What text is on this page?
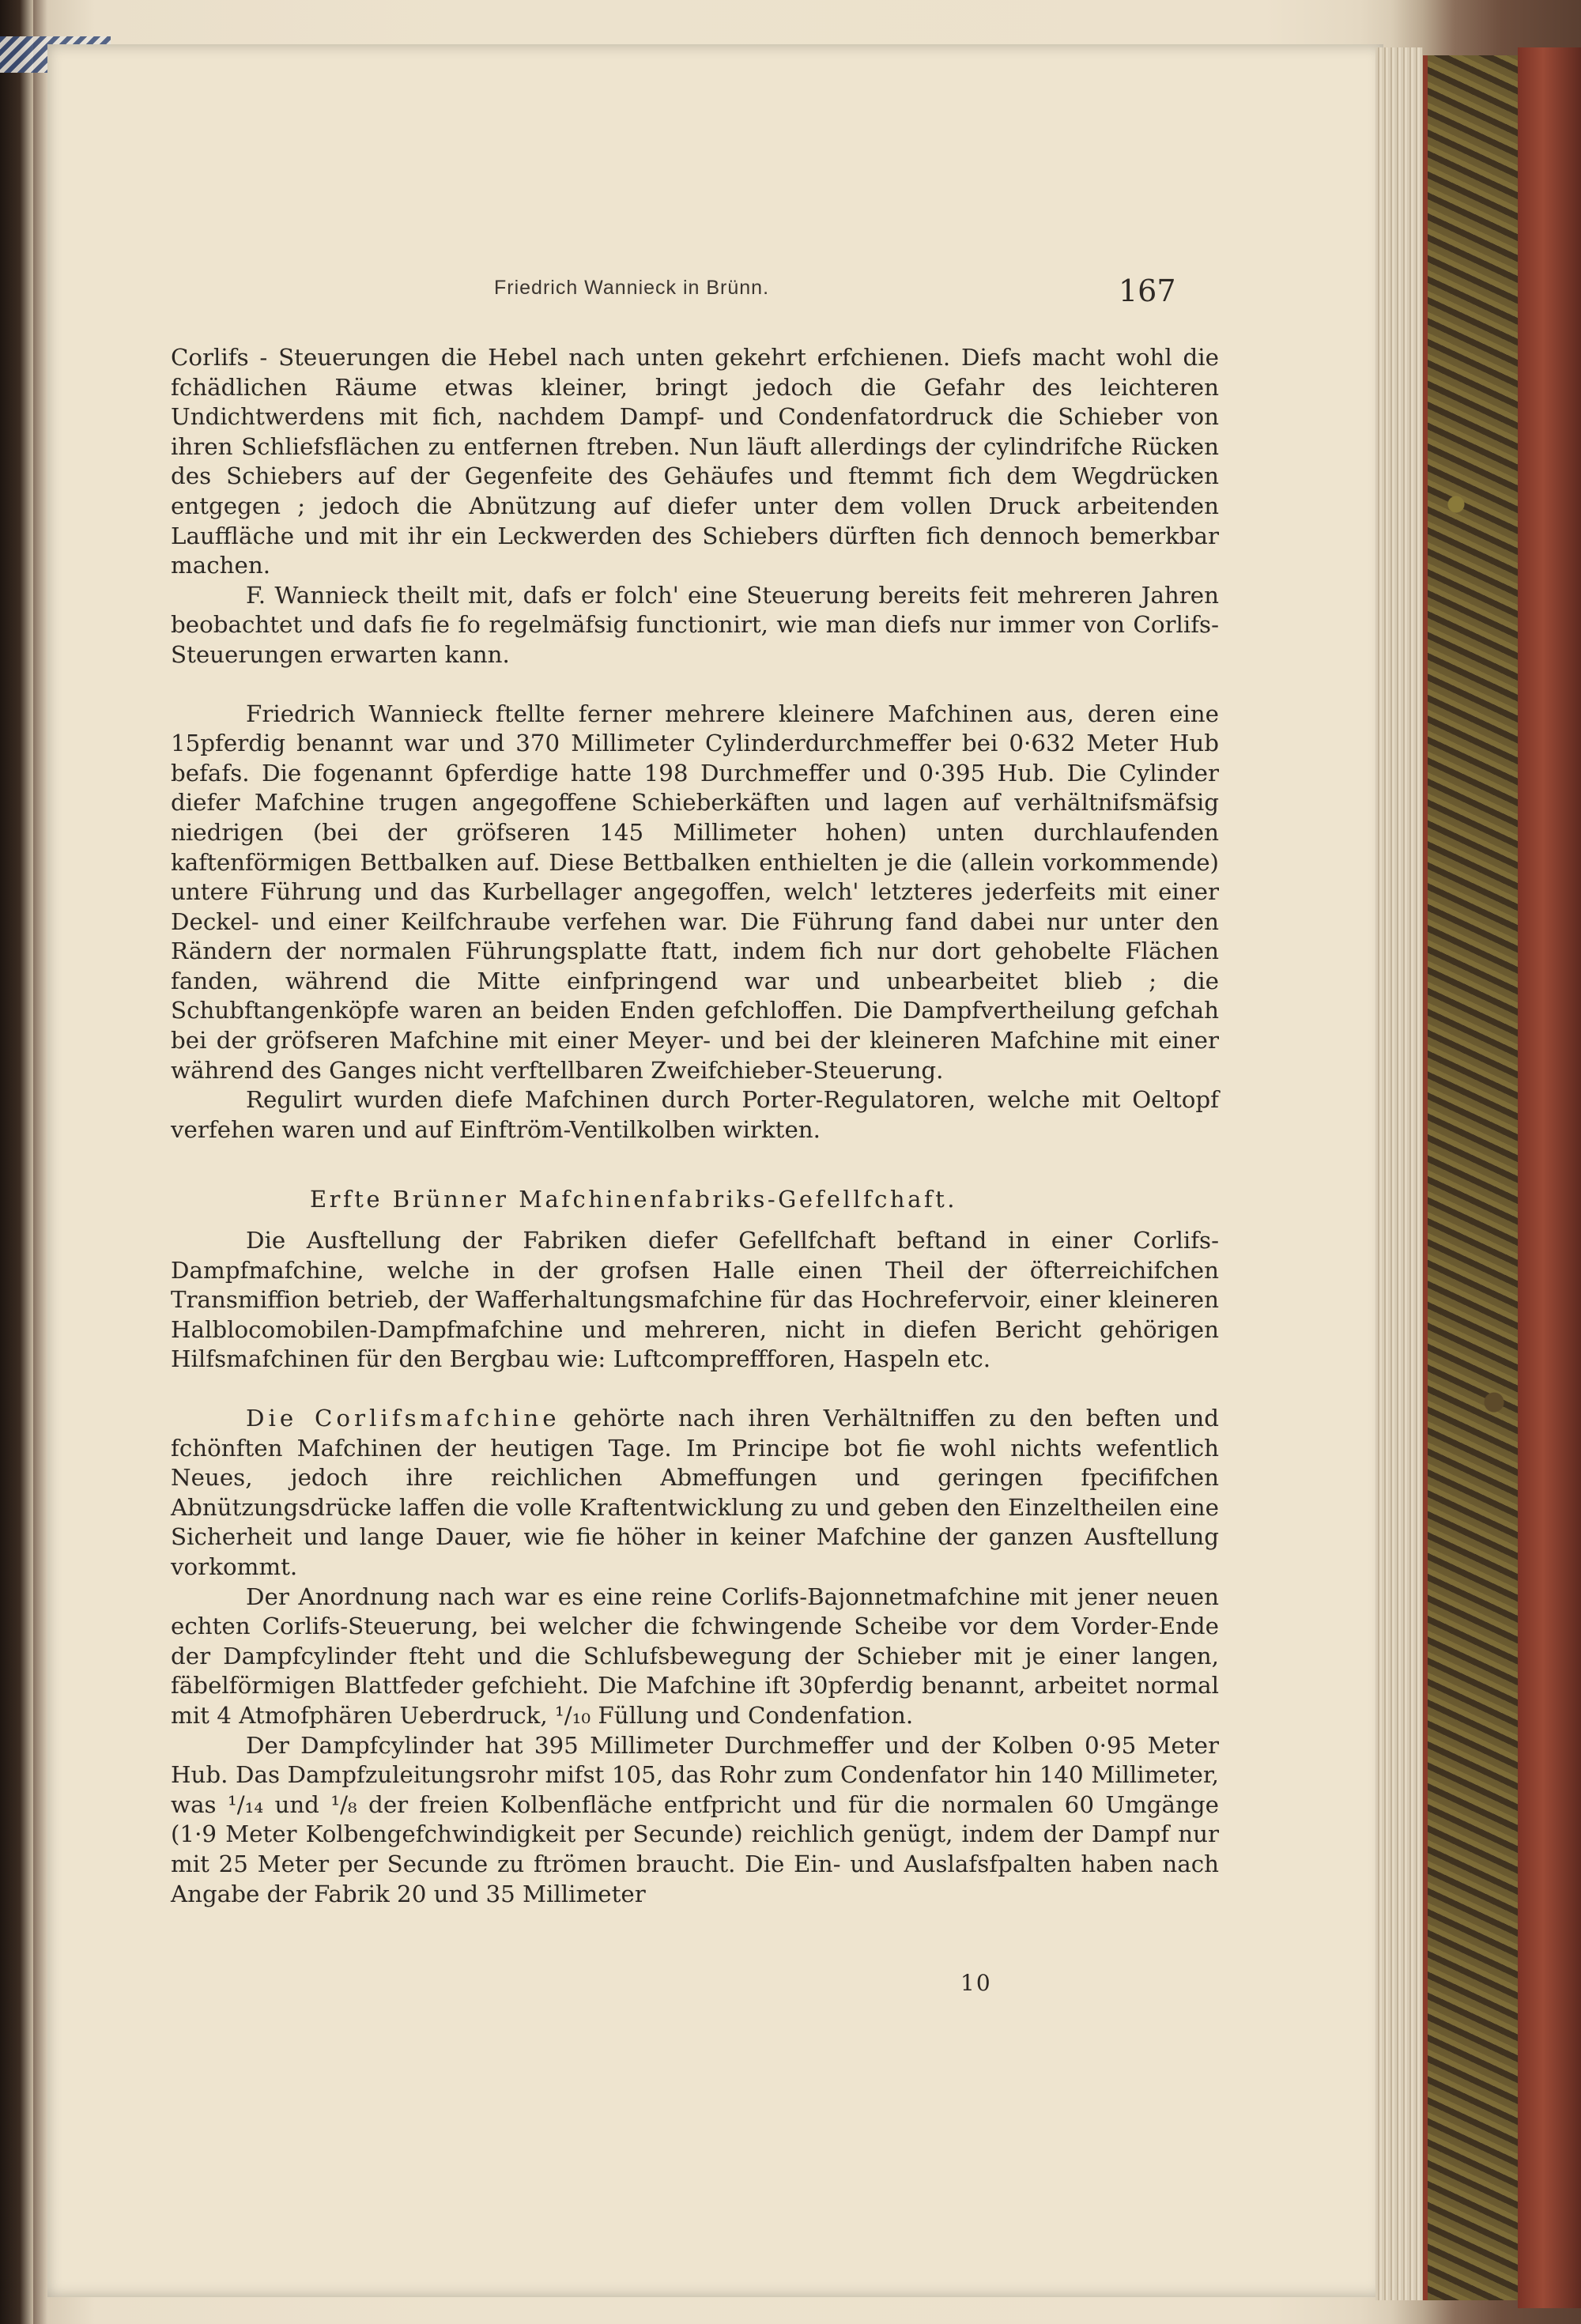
Friedrich Wannieck in Brünn.	167

Corlifs - Steuerungen die Hebel nach unten gekehrt erfchienen. Diefs macht wohl die fchädlichen Räume etwas kleiner, bringt jedoch die Gefahr des leichteren Undichtwerdens mit fich, nachdem Dampf- und Condenfatordruck die Schieber von ihren Schliefsflächen zu entfernen ftreben. Nun läuft allerdings der cylindrifche Rücken des Schiebers auf der Gegenfeite des Gehäufes und ftemmt fich dem Wegdrücken entgegen ; jedoch die Abnützung auf diefer unter dem vollen Druck arbeitenden Lauffläche und mit ihr ein Leckwerden des Schiebers dürften fich dennoch bemerkbar machen.

F. Wannieck theilt mit, dafs er folch' eine Steuerung bereits feit mehreren Jahren beobachtet und dafs fie fo regelmäfsig functionirt, wie man diefs nur immer von Corlifs-Steuerungen erwarten kann.

Friedrich Wannieck ftellte ferner mehrere kleinere Mafchinen aus, deren eine 15pferdig benannt war und 370 Millimeter Cylinderdurchmeffer bei 0·632 Meter Hub befafs. Die fogenannt 6pferdige hatte 198 Durchmeffer und 0·395 Hub. Die Cylinder diefer Mafchine trugen angegoffene Schieberkäften und lagen auf verhältnifsmäfsig niedrigen (bei der gröfseren 145 Millimeter hohen) unten durchlaufenden kaftenförmigen Bettbalken auf. Diese Bettbalken enthielten je die (allein vorkommende) untere Führung und das Kurbellager angegoffen, welch' letzteres jederfeits mit einer Deckel- und einer Keilfchraube verfehen war. Die Führung fand dabei nur unter den Rändern der normalen Führungsplatte ftatt, indem fich nur dort gehobelte Flächen fanden, während die Mitte einfpringend war und unbearbeitet blieb ; die Schubftangenköpfe waren an beiden Enden gefchloffen. Die Dampfvertheilung gefchah bei der gröfseren Mafchine mit einer Meyer- und bei der kleineren Mafchine mit einer während des Ganges nicht verftellbaren Zweifchieber-Steuerung.

Regulirt wurden diefe Mafchinen durch Porter-Regulatoren, welche mit Oeltopf verfehen waren und auf Einftröm-Ventilkolben wirkten.

Erfte Brünner Mafchinenfabriks-Gefellfchaft.

Die Ausftellung der Fabriken diefer Gefellfchaft beftand in einer Corlifs-Dampfmafchine, welche in der grofsen Halle einen Theil der öfterreichifchen Transmiffion betrieb, der Wafferhaltungsmafchine für das Hochrefervoir, einer kleineren Halblocomobilen-Dampfmafchine und mehreren, nicht in diefen Bericht gehörigen Hilfsmafchinen für den Bergbau wie: Luftcompreffforen, Haspeln etc.

Die Corlifsmafchine gehörte nach ihren Verhältniffen zu den beften und fchönften Mafchinen der heutigen Tage. Im Principe bot fie wohl nichts wefentlich Neues, jedoch ihre reichlichen Abmeffungen und geringen fpecififchen Abnützungsdrücke laffen die volle Kraftentwicklung zu und geben den Einzeltheilen eine Sicherheit und lange Dauer, wie fie höher in keiner Mafchine der ganzen Ausftellung vorkommt.

Der Anordnung nach war es eine reine Corlifs-Bajonnetmafchine mit jener neuen echten Corlifs-Steuerung, bei welcher die fchwingende Scheibe vor dem Vorder-Ende der Dampfcylinder fteht und die Schlufsbewegung der Schieber mit je einer langen, fäbelförmigen Blattfeder gefchieht. Die Mafchine ift 30pferdig benannt, arbeitet normal mit 4 Atmofphären Ueberdruck, ¹/₁₀ Füllung und Condenfation.

Der Dampfcylinder hat 395 Millimeter Durchmeffer und der Kolben 0·95 Meter Hub. Das Dampfzuleitungsrohr mifst 105, das Rohr zum Condenfator hin 140 Millimeter, was ¹/₁₄ und ¹/₈ der freien Kolbenfläche entfpricht und für die normalen 60 Umgänge (1·9 Meter Kolbengefchwindigkeit per Secunde) reichlich genügt, indem der Dampf nur mit 25 Meter per Secunde zu ftrömen braucht. Die Ein- und Auslafsfpalten haben nach Angabe der Fabrik 20 und 35 Millimeter

10
